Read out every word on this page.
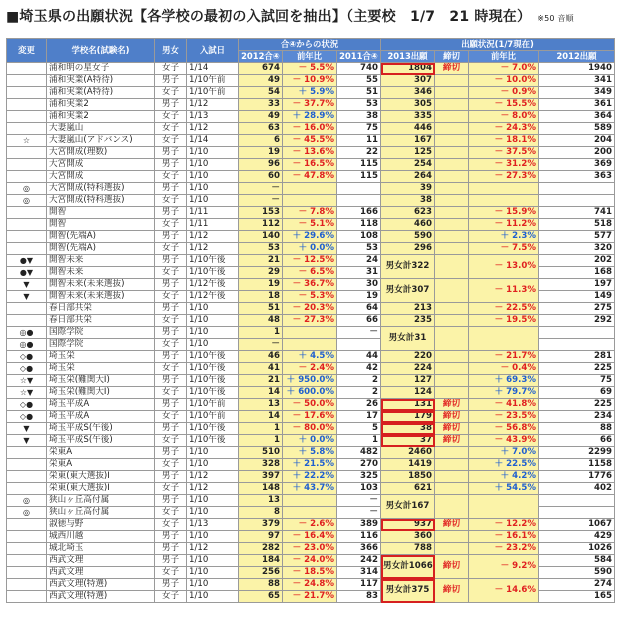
■埼玉県の出願状況【各学校の最初の入試回を抽出】（主要校　1/7　21 時現在） ※50 音順
変更	学校名(試験名)	男女	入試日	合④からの状況			出願状況(1/7現在)			
				2012合④	前年比	2011合④	2013出願	締切	前年比	2012出願
	浦和明の星女子	女子	1/14	674	－ 5.5%	740	1804	締切	－ 7.0%	1940
	浦和実業(A特待)	男子	1/10午前	49	－ 10.9%	55	307		－ 10.0%	341
	浦和実業(A特待)	女子	1/10午前	54	＋ 5.9%	51	346		－ 0.9%	349
	浦和実業2	男子	1/12	33	－ 37.7%	53	305		－ 15.5%	361
	浦和実業2	女子	1/13	49	＋ 28.9%	38	335		－ 8.0%	364
	大妻嵐山	女子	1/12	63	－ 16.0%	75	446		－ 24.3%	589
☆	大妻嵐山(アドバンス)	女子	1/14	6	－ 45.5%	11	167		－ 18.1%	204
	大宮開成(理数)	男子	1/10	19	－ 13.6%	22	125		－ 37.5%	200
	大宮開成	男子	1/10	96	－ 16.5%	115	254		－ 31.2%	369
	大宮開成	女子	1/10	60	－ 47.8%	115	264		－ 27.3%	363
◎	大宮開成(特科選抜)	男子	1/10	－			39			
◎	大宮開成(特科選抜)	女子	1/10	－			38			
	開智	男子	1/11	153	－ 7.8%	166	623		－ 15.9%	741
	開智	女子	1/11	112	－ 5.1%	118	460		－ 11.2%	518
	開智(先端A)	男子	1/12	140	＋ 29.6%	108	590		＋ 2.3%	577
	開智(先端A)	女子	1/12	53	＋ 0.0%	53	296		－ 7.5%	320
●▼	開智未来	男子	1/10午後	21	－ 12.5%	24	男女計322		－ 13.0%	202
●▼	開智未来	女子	1/10午後	29	－ 6.5%	31				168
▼	開智未来(未来選抜)	男子	1/12午後	19	－ 36.7%	30	男女計307		－ 11.3%	197
▼	開智未来(未来選抜)	女子	1/12午後	18	－ 5.3%	19				149
	春日部共栄	男子	1/10	51	－ 20.3%	64	213		－ 22.5%	275
	春日部共栄	女子	1/10	48	－ 27.3%	66	235		－ 19.5%	292
◎●	国際学院	男子	1/10	1		－	男女計31			
◎●	国際学院	女子	1/10	－						
◇●	埼玉栄	男子	1/10午後	46	＋ 4.5%	44	220		－ 21.7%	281
◇●	埼玉栄	女子	1/10午後	41	－ 2.4%	42	224		－ 0.4%	225
☆▼	埼玉栄(難関大Ⅰ)	男子	1/10午後	21	＋ 950.0%	2	127		＋ 69.3%	75
☆▼	埼玉栄(難関大Ⅰ)	女子	1/10午後	14	＋ 600.0%	2	124		＋ 79.7%	69
◇●	埼玉平成A	男子	1/10午前	13	－ 50.0%	26	131	締切	－ 41.8%	225
◇●	埼玉平成A	女子	1/10午前	14	－ 17.6%	17	179	締切	－ 23.5%	234
▼	埼玉平成S(午後)	男子	1/10午後	1	－ 80.0%	5	38	締切	－ 56.8%	88
▼	埼玉平成S(午後)	女子	1/10午後	1	＋ 0.0%	1	37	締切	－ 43.9%	66
	栄東A	男子	1/10	510	＋ 5.8%	482	2460		＋ 7.0%	2299
	栄東A	女子	1/10	328	＋ 21.5%	270	1419		＋ 22.5%	1158
	栄東(東大選抜)Ⅰ	男子	1/12	397	＋ 22.2%	325	1850		＋ 4.2%	1776
	栄東(東大選抜)Ⅰ	女子	1/12	148	＋ 43.7%	103	621		＋ 54.5%	402
◎	狭山ヶ丘高付属	男子	1/10	13		－	男女計167			
◎	狭山ヶ丘高付属	女子	1/10	8		－				
	淑徳与野	女子	1/13	379	－ 2.6%	389	937	締切	－ 12.2%	1067
	城西川越	男子	1/10	97	－ 16.4%	116	360		－ 16.1%	429
	城北埼玉	男子	1/12	282	－ 23.0%	366	788		－ 23.2%	1026
	西武文理	男子	1/10	184	－ 24.0%	242	男女計1066	締切	－ 9.2%	584
	西武文理	女子	1/10	256	－ 18.5%	314				590
	西武文理(特選)	男子	1/10	88	－ 24.8%	117	男女計375	締切	－ 14.6%	274
	西武文理(特選)	女子	1/10	65	－ 21.7%	83				165
